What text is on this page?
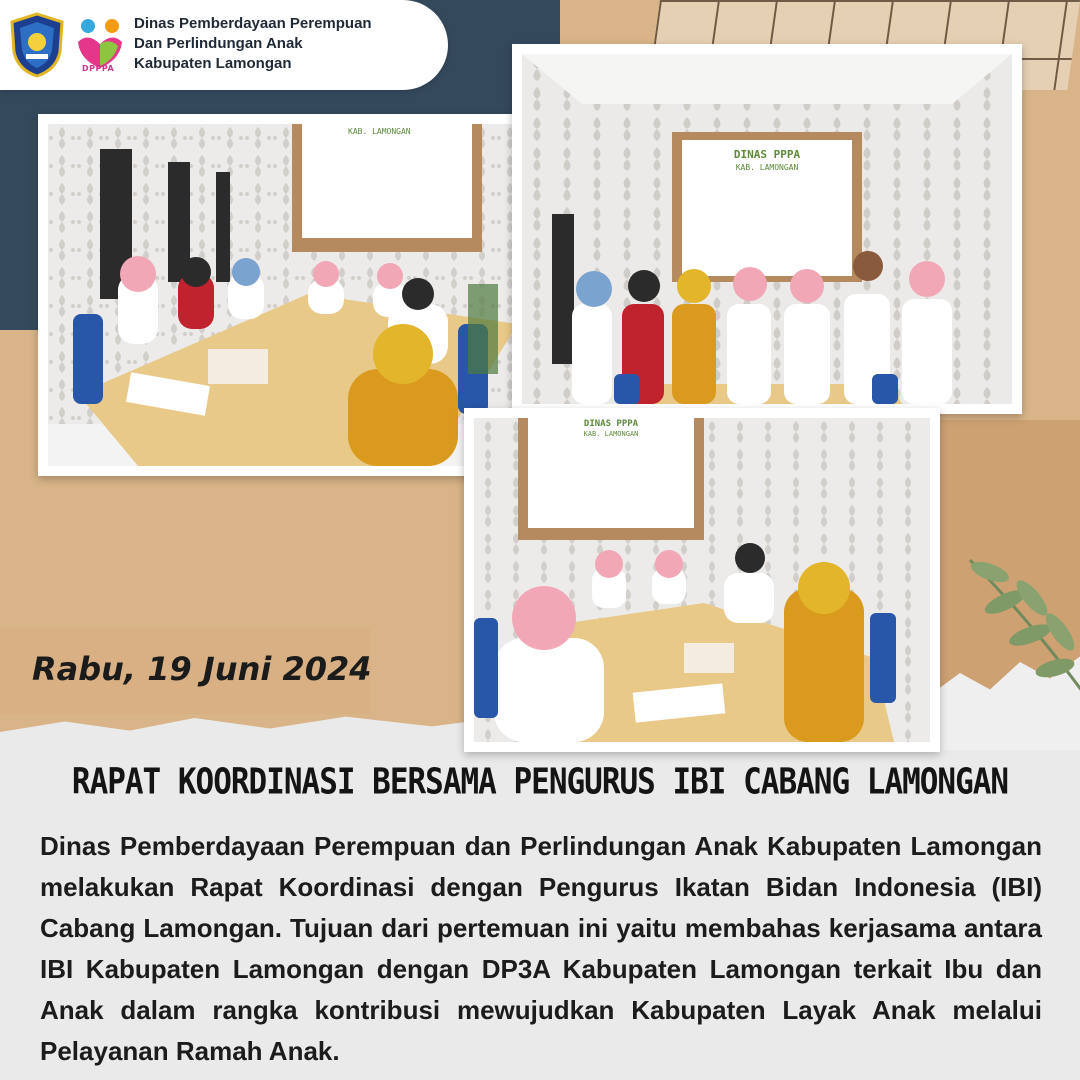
DPPPA
Dinas Pemberdayaan Perempuan
Dan Perlindungan Anak
Kabupaten Lamongan
KAB. LAMONGAN
DINAS PPPA
KAB. LAMONGAN
DINAS PPPA
KAB. LAMONGAN
Rabu, 19 Juni 2024
RAPAT KOORDINASI BERSAMA PENGURUS IBI CABANG LAMONGAN
Dinas Pemberdayaan Perempuan dan Perlindungan Anak Kabupaten Lamongan melakukan Rapat Koordinasi dengan Pengurus Ikatan Bidan Indonesia (IBI) Cabang Lamongan. Tujuan dari pertemuan ini yaitu membahas kerjasama antara IBI Kabupaten Lamongan dengan DP3A Kabupaten Lamongan terkait Ibu dan Anak dalam rangka kontribusi mewujudkan Kabupaten Layak Anak melalui Pelayanan Ramah Anak.
